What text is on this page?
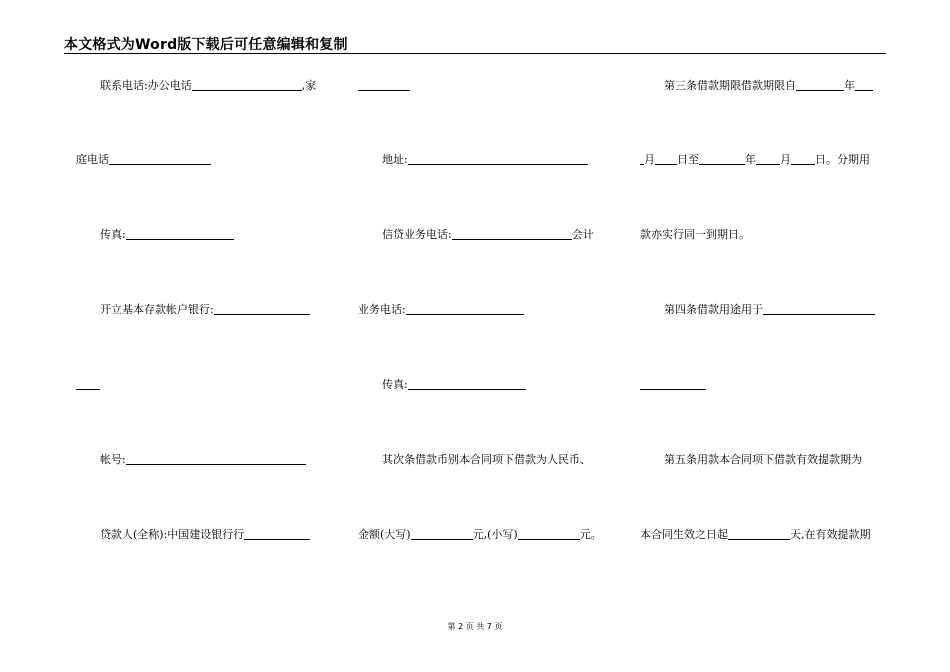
本文格式为Word版下载后可任意编辑和复制
联系电话:办公电话	,家
庭电话
传真:
开立基本存款帐户银行:
帐号:
贷款人(全称):中国建设银行行
地址:
信贷业务电话:	会计
业务电话:
传真:
其次条借款币别本合同项下借款为人民币、
金额(大写)	元,(小写)	元。
第三条借款期限借款期限自	年
月 日至	年 月 日。分期用
款亦实行同一到期日。
第四条借款用途用于
第五条用款本合同项下借款有效提款期为
本合同生效之日起	天,在有效提款期
第 2 页 共 7 页
